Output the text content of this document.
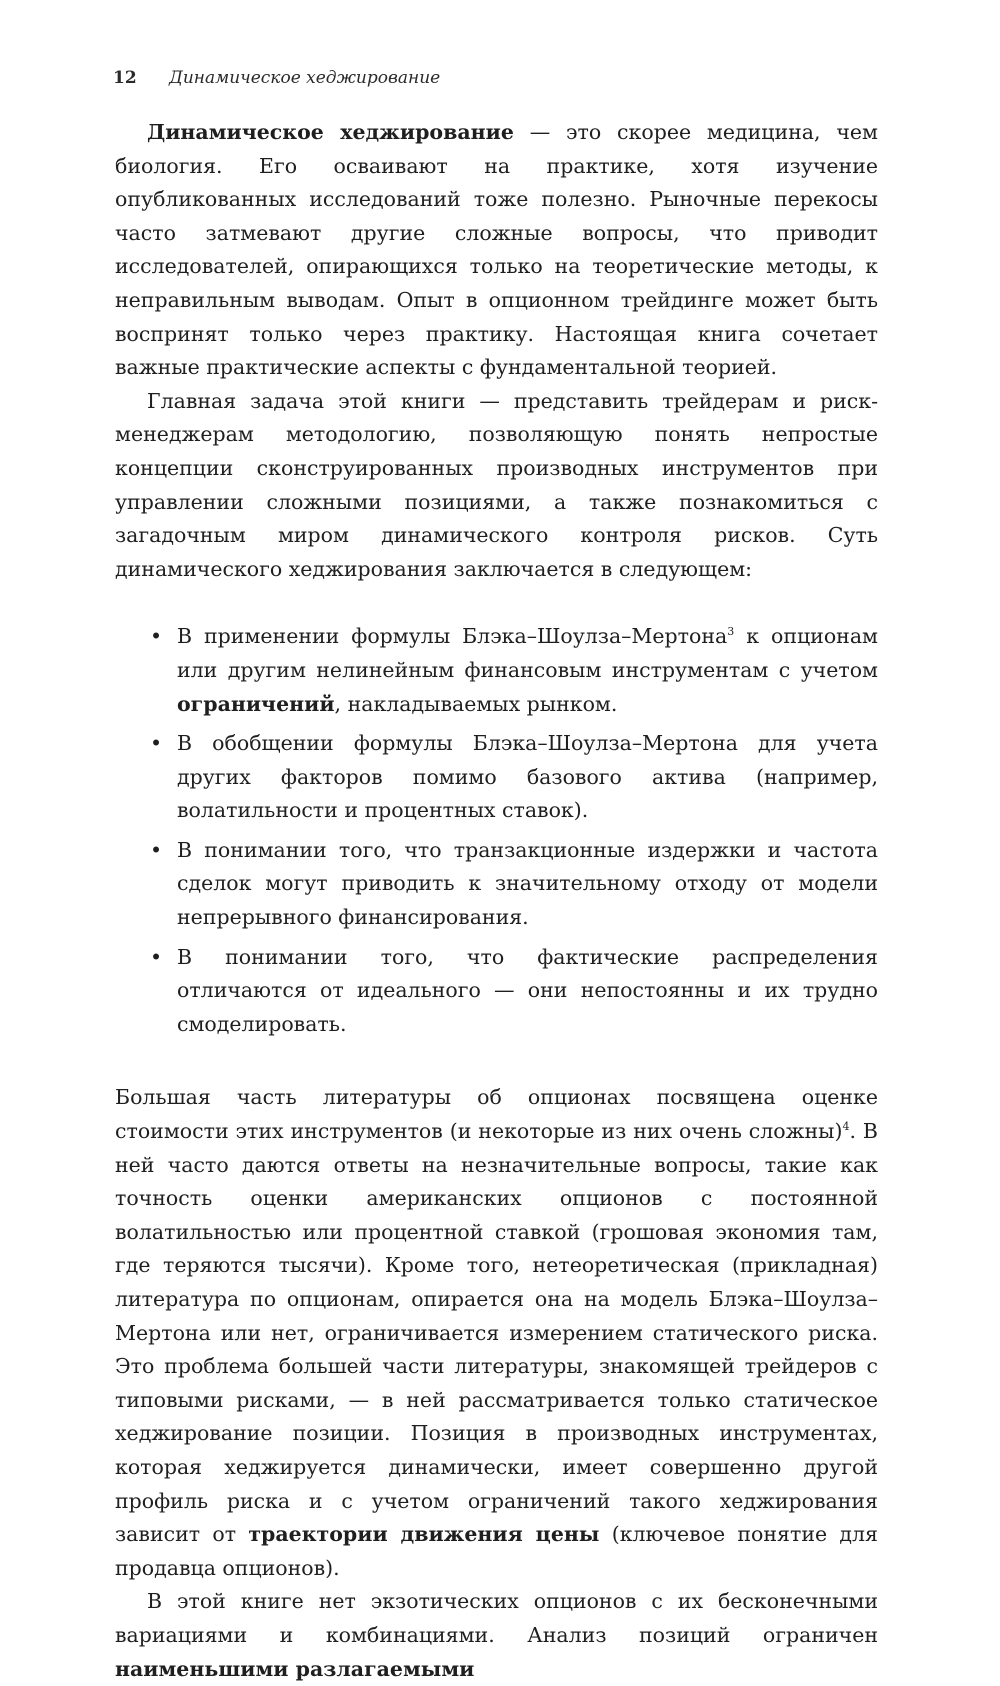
12	Динамическое хеджирование

Динамическое хеджирование — это скорее медицина, чем биология. Его осваивают на практике, хотя изучение опубликованных исследований тоже полезно. Рыночные перекосы часто затмевают другие сложные вопросы, что приводит исследователей, опирающихся только на теоретические методы, к неправильным выводам. Опыт в опционном трейдинге может быть воспринят только через практику. Настоящая книга сочетает важные практические аспекты с фундаментальной теорией.

Главная задача этой книги — представить трейдерам и риск-менеджерам методологию, позволяющую понять непростые концепции сконструированных производных инструментов при управлении сложными позициями, а также познакомиться с загадочным миром динамического контроля рисков. Суть динамического хеджирования заключается в следующем:

• В применении формулы Блэка–Шоулза–Мертона$^3$ к опционам или другим нелинейным финансовым инструментам с учетом ограничений, накладываемых рынком.
• В обобщении формулы Блэка–Шоулза–Мертона для учета других факторов помимо базового актива (например, волатильности и процентных ставок).
• В понимании того, что транзакционные издержки и частота сделок могут приводить к значительному отходу от модели непрерывного финансирования.
• В понимании того, что фактические распределения отличаются от идеального — они непостоянны и их трудно смоделировать.

Большая часть литературы об опционах посвящена оценке стоимости этих инструментов (и некоторые из них очень сложны)$^4$. В ней часто даются ответы на незначительные вопросы, такие как точность оценки американских опционов с постоянной волатильностью или процентной ставкой (грошовая экономия там, где теряются тысячи). Кроме того, нетеоретическая (прикладная) литература по опционам, опирается она на модель Блэка–Шоулза–Мертона или нет, ограничивается измерением статического риска. Это проблема большей части литературы, знакомящей трейдеров с типовыми рисками, — в ней рассматривается только статическое хеджирование позиции. Позиция в производных инструментах, которая хеджируется динамически, имеет совершенно другой профиль риска и с учетом ограничений такого хеджирования зависит от траектории движения цены (ключевое понятие для продавца опционов).

В этой книге нет экзотических опционов с их бесконечными вариациями и комбинациями. Анализ позиций ограничен наименьшими разлагаемыми
